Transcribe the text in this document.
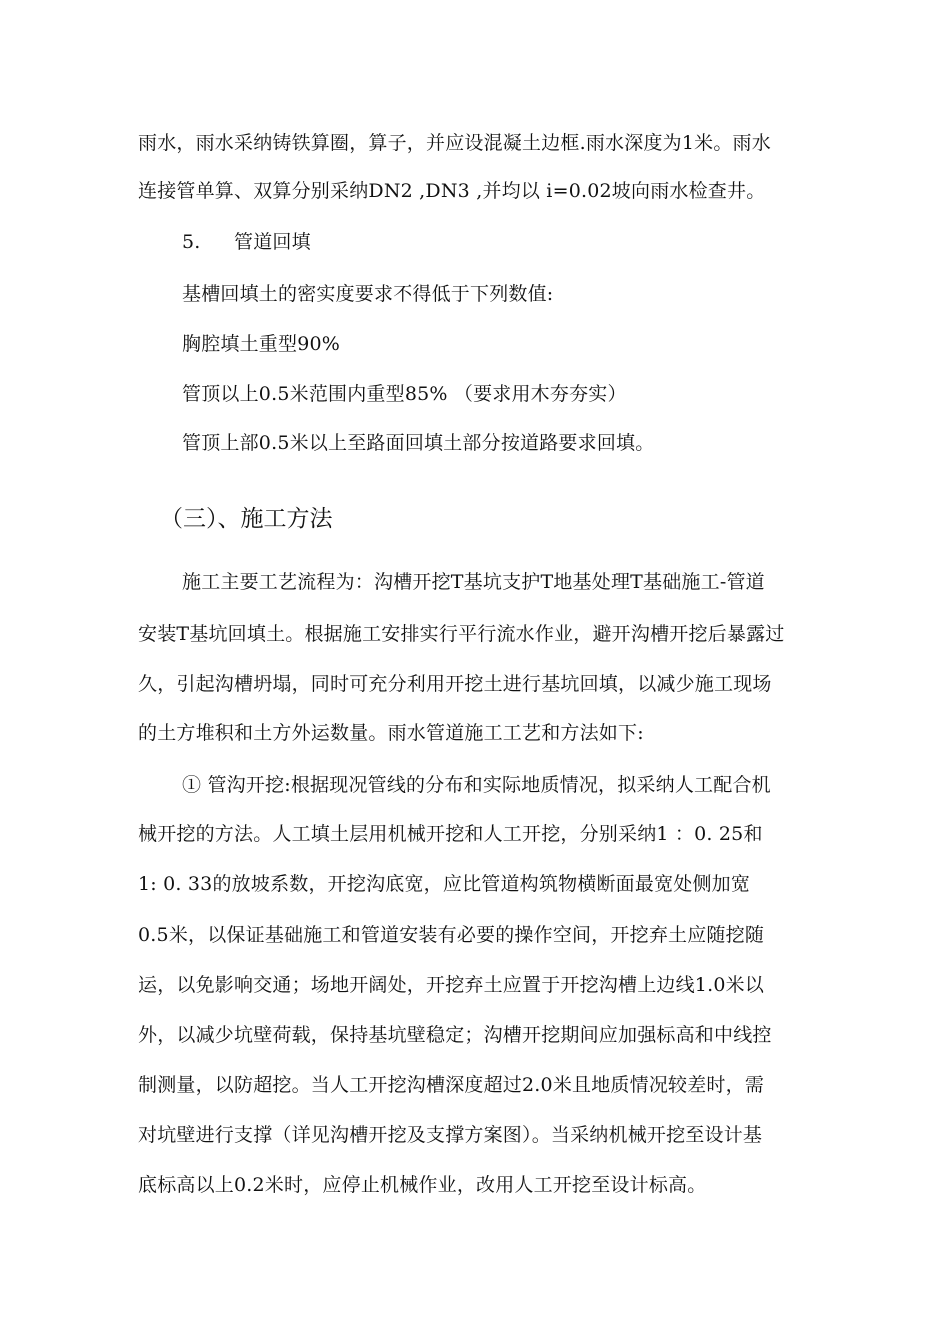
雨水，雨水采纳铸铁算圈，算子，并应设混凝土边框.雨水深度为1米。雨水
连接管单算、双算分别采纳DN2 ,DN3 ,并均以 i=0.02坡向雨水检查井。
5. 管道回填
基槽回填土的密实度要求不得低于下列数值:
胸腔填土重型90%
管顶以上0.5米范围内重型85% （要求用木夯夯实）
管顶上部0.5米以上至路面回填土部分按道路要求回填。
（三）、施工方法
施工主要工艺流程为：沟槽开挖T基坑支护T地基处理T基础施工-管道
安装T基坑回填土。根据施工安排实行平行流水作业，避开沟槽开挖后暴露过
久，引起沟槽坍塌，同时可充分利用开挖土进行基坑回填，以减少施工现场
的土方堆积和土方外运数量。雨水管道施工工艺和方法如下:
① 管沟开挖:根据现况管线的分布和实际地质情况，拟采纳人工配合机
械开挖的方法。人工填土层用机械开挖和人工开挖，分别采纳1 ：0. 25和
1: 0. 33的放坡系数，开挖沟底宽，应比管道构筑物横断面最宽处侧加宽
0.5米，以保证基础施工和管道安装有必要的操作空间，开挖弃土应随挖随
运，以免影响交通；场地开阔处，开挖弃土应置于开挖沟槽上边线1.0米以
外，以减少坑壁荷载，保持基坑壁稳定；沟槽开挖期间应加强标高和中线控
制测量，以防超挖。当人工开挖沟槽深度超过2.0米且地质情况较差时，需
对坑壁进行支撑（详见沟槽开挖及支撑方案图）。当采纳机械开挖至设计基
底标高以上0.2米时，应停止机械作业，改用人工开挖至设计标高。
